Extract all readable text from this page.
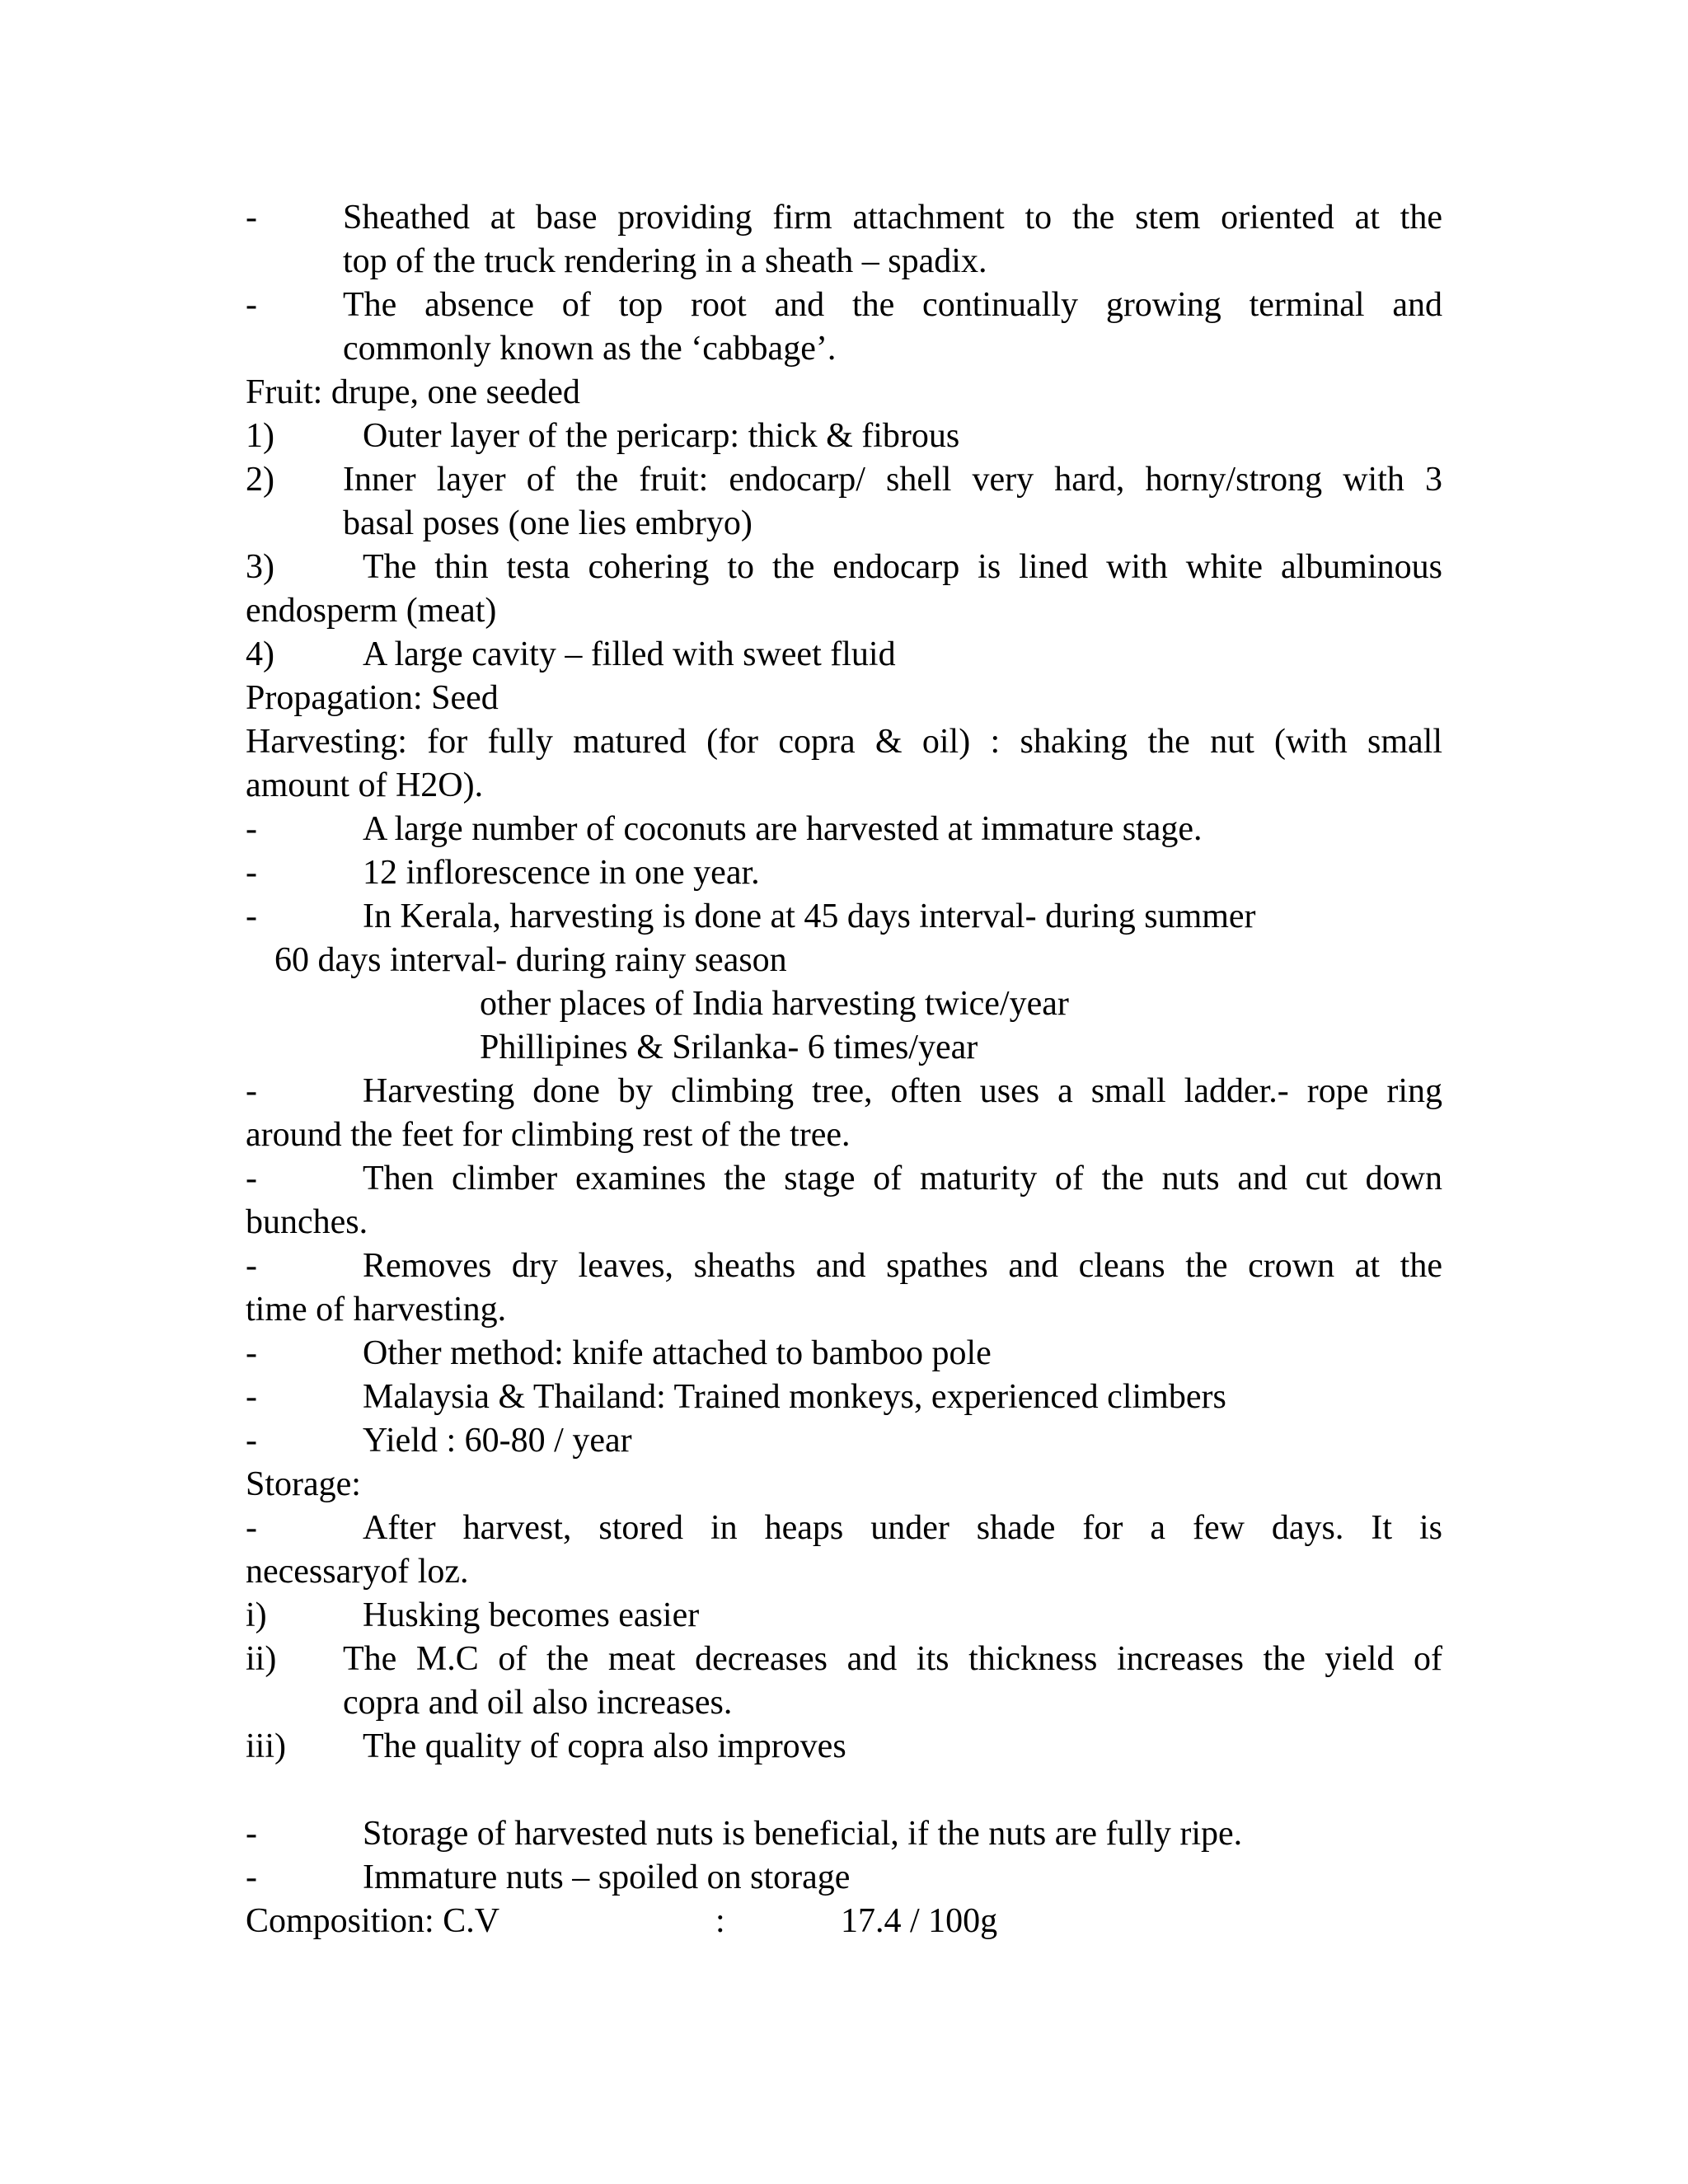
- Sheathed at base providing firm attachment to the stem oriented at the
top of the truck rendering in a sheath – spadix.
- The absence of top root and the continually growing terminal and
commonly known as the ‘cabbage’.
Fruit: drupe, one seeded
1)	Outer layer of the pericarp: thick & fibrous
2) Inner layer of the fruit: endocarp/ shell very hard, horny/strong with 3
basal poses (one lies embryo)
3)	The thin testa cohering to the endocarp is lined with white albuminous
endosperm (meat)
4)	A large cavity – filled with sweet fluid
Propagation: Seed
Harvesting: for fully matured (for copra & oil) : shaking the nut (with small
amount of H2O).
-	A large number of coconuts are harvested at immature stage.
-	12 inflorescence in one year.
-	In Kerala, harvesting is done at 45 days interval- during summer
60 days interval- during rainy season
other places of India harvesting twice/year
Phillipines & Srilanka- 6 times/year
-	Harvesting done by climbing tree, often uses a small ladder.- rope ring
around the feet for climbing rest of the tree.
-	Then climber examines the stage of maturity of the nuts and cut down
bunches.
-	Removes dry leaves, sheaths and spathes and cleans the crown at the
time of harvesting.
-	Other method: knife attached to bamboo pole
-	Malaysia & Thailand: Trained monkeys, experienced climbers
-	Yield : 60-80 / year
Storage:
-	After harvest, stored in heaps under shade for a few days. It is
necessaryof loz.
i)	Husking becomes easier
ii) The M.C of the meat decreases and its thickness increases the yield of
copra and oil also increases.
iii) The quality of copra also improves
-	Storage of harvested nuts is beneficial, if the nuts are fully ripe.
-	Immature nuts – spoiled on storage
Composition: C.V	:	17.4 / 100g
